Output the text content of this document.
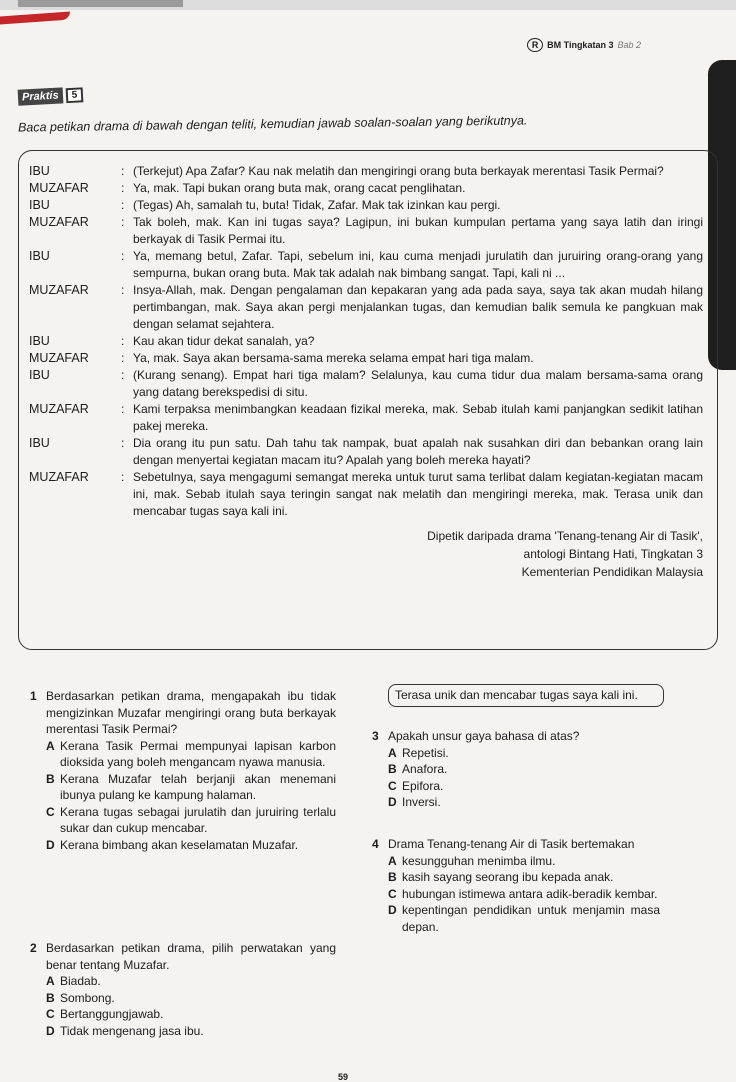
R BM Tingkatan 3 Bab 2
Praktis	5
Baca petikan drama di bawah dengan teliti, kemudian jawab soalan-soalan yang berikutnya.
IBU	: (Terkejut) Apa Zafar? Kau nak melatih dan mengiringi orang buta berkayak merentasi Tasik Permai?
MUZAFAR	: Ya, mak. Tapi bukan orang buta mak, orang cacat penglihatan.
IBU	: (Tegas) Ah, samalah tu, buta! Tidak, Zafar. Mak tak izinkan kau pergi.
MUZAFAR	: Tak boleh, mak. Kan ini tugas saya? Lagipun, ini bukan kumpulan pertama yang saya latih dan iringi berkayak di Tasik Permai itu.
IBU	: Ya, memang betul, Zafar. Tapi, sebelum ini, kau cuma menjadi jurulatih dan juruiring orang-orang yang sempurna, bukan orang buta. Mak tak adalah nak bimbang sangat. Tapi, kali ni ...
MUZAFAR	: Insya-Allah, mak. Dengan pengalaman dan kepakaran yang ada pada saya, saya tak akan mudah hilang pertimbangan, mak. Saya akan pergi menjalankan tugas, dan kemudian balik semula ke pangkuan mak dengan selamat sejahtera.
IBU	: Kau akan tidur dekat sanalah, ya?
MUZAFAR	: Ya, mak. Saya akan bersama-sama mereka selama empat hari tiga malam.
IBU	: (Kurang senang). Empat hari tiga malam? Selalunya, kau cuma tidur dua malam bersama-sama orang yang datang berekspedisi di situ.
MUZAFAR	: Kami terpaksa menimbangkan keadaan fizikal mereka, mak. Sebab itulah kami panjangkan sedikit latihan pakej mereka.
IBU	: Dia orang itu pun satu. Dah tahu tak nampak, buat apalah nak susahkan diri dan bebankan orang lain dengan menyertai kegiatan macam itu? Apalah yang boleh mereka hayati?
MUZAFAR	: Sebetulnya, saya mengagumi semangat mereka untuk turut sama terlibat dalam kegiatan-kegiatan macam ini, mak. Sebab itulah saya teringin sangat nak melatih dan mengiringi mereka, mak. Terasa unik dan mencabar tugas saya kali ini.
Dipetik daripada drama 'Tenang-tenang Air di Tasik',
antologi Bintang Hati, Tingkatan 3
Kementerian Pendidikan Malaysia
1 Berdasarkan petikan drama, mengapakah ibu tidak mengizinkan Muzafar mengiringi orang buta berkayak merentasi Tasik Permai?
A Kerana Tasik Permai mempunyai lapisan karbon dioksida yang boleh mengancam nyawa manusia.
B Kerana Muzafar telah berjanji akan menemani ibunya pulang ke kampung halaman.
C Kerana tugas sebagai jurulatih dan juruiring terlalu sukar dan cukup mencabar.
D Kerana bimbang akan keselamatan Muzafar.
2 Berdasarkan petikan drama, pilih perwatakan yang benar tentang Muzafar.
A Biadab.
B Sombong.
C Bertanggungjawab.
D Tidak mengenang jasa ibu.
Terasa unik dan mencabar tugas saya kali ini.
3 Apakah unsur gaya bahasa di atas?
A Repetisi.
B Anafora.
C Epifora.
D Inversi.
4 Drama Tenang-tenang Air di Tasik bertemakan
A kesungguhan menimba ilmu.
B kasih sayang seorang ibu kepada anak.
C hubungan istimewa antara adik-beradik kembar.
D kepentingan pendidikan untuk menjamin masa depan.
59
